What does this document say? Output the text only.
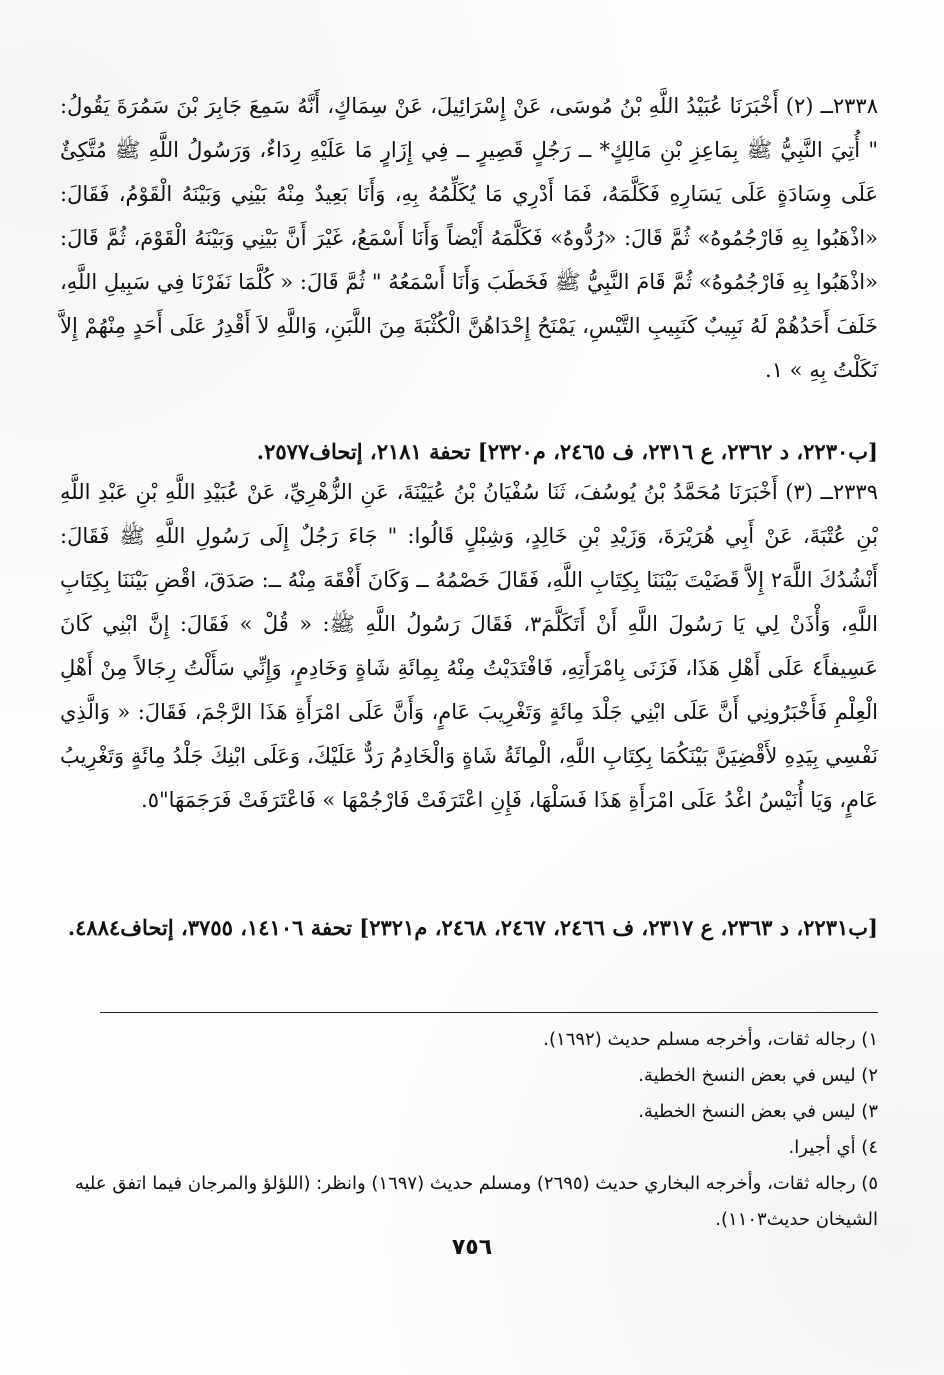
٢٣٣٨ــ (٢) أَخْبَرَنَا عُبَيْدُ اللَّهِ بْنُ مُوسَى، عَنْ إِسْرَائِيلَ، عَنْ سِمَاكٍ، أَنَّهُ سَمِعَ جَابِرَ بْنَ سَمُرَةَ يَقُولُ: " أُتِيَ النَّبِيُّ ﷺ بِمَاعِزِ بْنِ مَالِكٍ* ــ رَجُلٍ قَصِيرٍ ــ فِي إِزَارٍ مَا عَلَيْهِ رِدَاءٌ، وَرَسُولُ اللَّهِ ﷺ مُتَّكِئٌ عَلَى وِسَادَةٍ عَلَى يَسَارِهِ فَكَلَّمَهُ، فَمَا أَدْرِي مَا يُكَلِّمُهُ بِهِ، وَأَنَا بَعِيدٌ مِنْهُ بَيْنِي وَبَيْنَهُ الْقَوْمُ، فَقَالَ: «اذْهَبُوا بِهِ فَارْجُمُوهُ» ثُمَّ قَالَ: «رُدُّوهُ» فَكَلَّمَهُ أَيْضاً وَأَنَا أَسْمَعُ، غَيْرَ أَنَّ بَيْنِي وَبَيْنَهُ الْقَوْمَ، ثُمَّ قَالَ: «اذْهَبُوا بِهِ فَارْجُمُوهُ» ثُمَّ قَامَ النَّبِيُّ ﷺ فَخَطَبَ وَأَنَا أَسْمَعُهُ " ثُمَّ قَالَ: « كُلَّمَا نَفَرْنَا فِي سَبِيلِ اللَّهِ، خَلَفَ أَحَدُهُمْ لَهُ نَبِيبٌ كَنَبِيبِ التَّيْسِ، يَمْنَحُ إِحْدَاهُنَّ الْكُثْبَةَ مِنَ اللَّبَنِ، وَاللَّهِ لاَ أَقْدِرُ عَلَى أَحَدٍ مِنْهُمْ إِلاَّ نَكَلْتُ بِهِ » ١.

[ب٢٢٣٠، د ٢٣٦٢، ع ٢٣١٦، ف ٢٤٦٥، م٢٣٢٠] تحفة ٢١٨١، إتحاف٢٥٧٧.

٢٣٣٩ــ (٣) أَخْبَرَنَا مُحَمَّدُ بْنُ يُوسُفَ، ثَنَا سُفْيَانُ بْنُ عُيَيْنَةَ، عَنِ الزُّهْرِيِّ، عَنْ عُبَيْدِ اللَّهِ بْنِ عَبْدِ اللَّهِ بْنِ عُتْبَةَ، عَنْ أَبِي هُرَيْرَةَ، وَزَيْدِ بْنِ خَالِدٍ، وَشِبْلٍ قَالُوا: " جَاءَ رَجُلٌ إِلَى رَسُولِ اللَّهِ ﷺ فَقَالَ: أَنْشُدُكَ اللَّهَ٢ إِلاَّ قَضَيْتَ بَيْنَنَا بِكِتَابِ اللَّهِ، فَقَالَ خَصْمُهُ ــ وَكَانَ أَفْقَهَ مِنْهُ ــ: صَدَقَ، اقْضِ بَيْنَنَا بِكِتَابِ اللَّهِ، وَأْذَنْ لِي يَا رَسُولَ اللَّهِ أَنْ أَتَكَلَّمَ٣، فَقَالَ رَسُولُ اللَّهِ ﷺ: « قُلْ » فَقَالَ: إِنَّ ابْنِي كَانَ عَسِيفاً٤ عَلَى أَهْلِ هَذَا، فَزَنَى بِامْرَأَتِهِ، فَافْتَدَيْتُ مِنْهُ بِمِائَةِ شَاةٍ وَخَادِمٍ، وَإِنِّي سَأَلْتُ رِجَالاً مِنْ أَهْلِ الْعِلْمِ فَأَخْبَرُونِي أَنَّ عَلَى ابْنِي جَلْدَ مِائَةٍ وَتَغْرِيبَ عَامٍ، وَأَنَّ عَلَى امْرَأَةِ هَذَا الرَّجْمَ، فَقَالَ: « وَالَّذِي نَفْسِي بِيَدِهِ لأَقْضِيَنَّ بَيْنَكُمَا بِكِتَابِ اللَّهِ، الْمِائَةُ شَاةٍ وَالْخَادِمُ رَدٌّ عَلَيْكَ، وَعَلَى ابْنِكَ جَلْدُ مِائَةٍ وَتَغْرِيبُ عَامٍ، وَيَا أُنَيْسُ اغْدُ عَلَى امْرَأَةِ هَذَا فَسَلْهَا، فَإِنِ اعْتَرَفَتْ فَارْجُمْهَا » فَاعْتَرَفَتْ فَرَجَمَهَا"٥.

[ب٢٢٣١، د ٢٣٦٣، ع ٢٣١٧، ف ٢٤٦٦، ٢٤٦٧، ٢٤٦٨، م٢٣٢١] تحفة ١٤١٠٦، ٣٧٥٥، إتحاف٤٨٨٤.

١) رجاله ثقات، وأخرجه مسلم حديث (١٦٩٢).

٢) ليس في بعض النسخ الخطية.

٣) ليس في بعض النسخ الخطية.

٤) أي أجيرا.

٥) رجاله ثقات، وأخرجه البخاري حديث (٢٦٩٥) ومسلم حديث (١٦٩٧) وانظر: (اللؤلؤ والمرجان فيما اتفق عليه الشيخان حديث١١٠٣).

٧٥٦
